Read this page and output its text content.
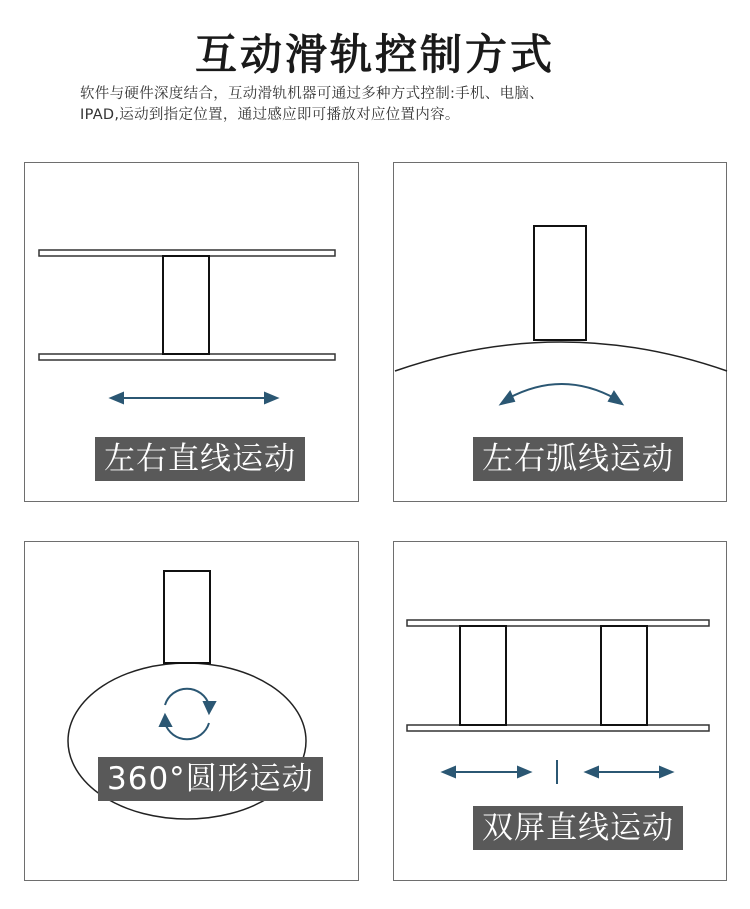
互动滑轨控制方式
软件与硬件深度结合，互动滑轨机器可通过多种方式控制:手机、电脑、
IPAD,运动到指定位置，通过感应即可播放对应位置内容。
左右直线运动	左右弧线运动
360°圆形运动
双屏直线运动
